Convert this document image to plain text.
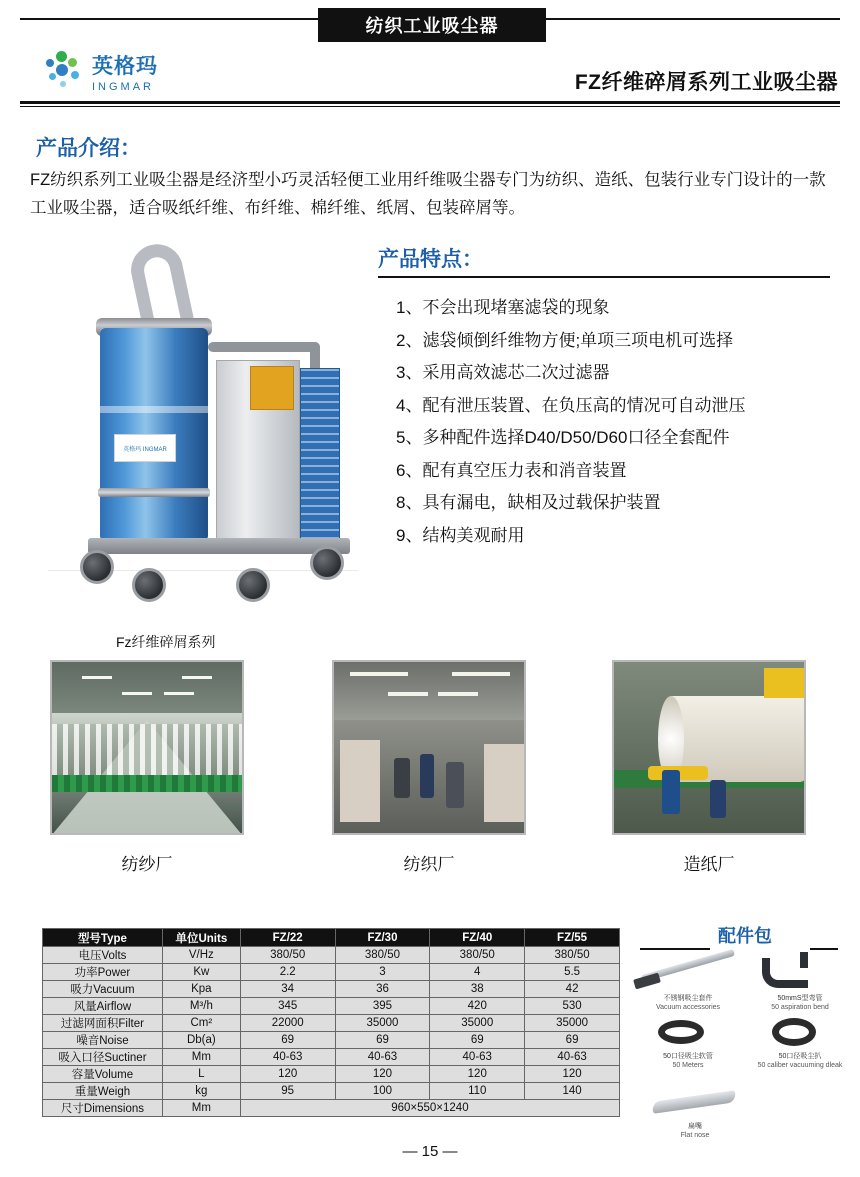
纺织工业吸尘器
英格玛
INGMAR	FZ纤维碎屑系列工业吸尘器
产品介绍：
FZ纺织系列工业吸尘器是经济型小巧灵活轻便工业用纤维吸尘器专门为纺织、造纸、包装行业专门设计的一款工业吸尘器，适合吸纸纤维、布纤维、棉纤维、纸屑、包装碎屑等。
英格玛 INGMAR
Fz纤维碎屑系列
产品特点：
1、不会出现堵塞滤袋的现象
2、滤袋倾倒纤维物方便;单项三项电机可选择
3、采用高效滤芯二次过滤器
4、配有泄压装置、在负压高的情况可自动泄压
5、多种配件选择D40/D50/D60口径全套配件
6、配有真空压力表和消音装置
8、具有漏电，缺相及过载保护装置
9、结构美观耐用
纺纱厂	纺织厂	造纸厂
型号Type	单位Units	FZ/22	FZ/30	FZ/40	FZ/55
电压Volts	V/Hz	380/50	380/50	380/50	380/50
功率Power	Kw	2.2	3	4	5.5
吸力Vacuum	Kpa	34	36	38	42
风量Airflow	M³/h	345	395	420	530
过滤网面积Filter	Cm²	22000	35000	35000	35000
噪音Noise	Db(a)	69	69	69	69
吸入口径Suctiner	Mm	40-63	40-63	40-63	40-63
容量Volume	L	120	120	120	120
重量Weigh	kg	95	100	110	140
尺寸Dimensions	Mm	960×550×1240			
配件包
不锈钢吸尘套件
Vacuum accessories
50mmS型弯管
50 aspiration bend
50口径吸尘软管
50 Meters
50口径吸尘扒
50 caliber vacuuming dleak
扁嘴
Flat nose
— 15 —
